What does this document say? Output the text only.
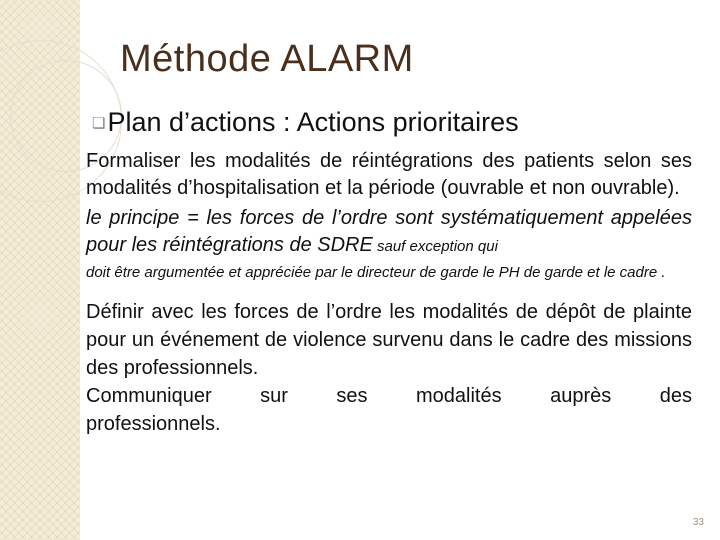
Méthode ALARM
❏ Plan d’actions : Actions prioritaires

Formaliser les modalités de réintégrations des patients selon ses modalités d’hospitalisation et la période (ouvrable et non ouvrable).

le principe = les forces de l’ordre sont systématiquement appelées pour les réintégrations de SDRE sauf exception qui

doit être argumentée et appréciée par le directeur de garde le PH de garde et le cadre .

Définir avec les forces de l’ordre les modalités de dépôt de plainte pour un événement de violence survenu dans le cadre des missions des professionnels.

Communiquer sur ses modalités auprès des

professionnels.

33
